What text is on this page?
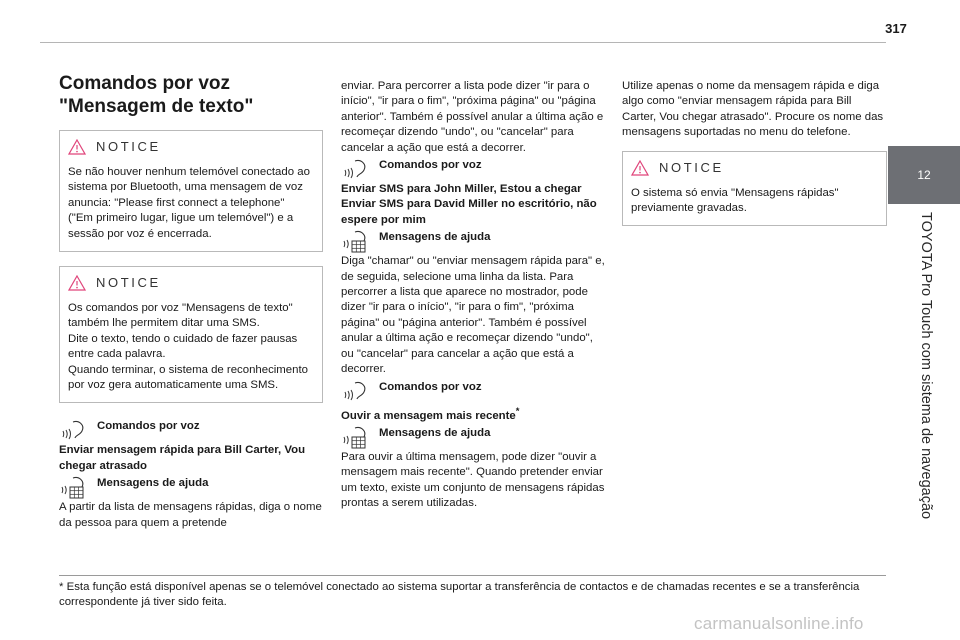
317
12
TOYOTA Pro Touch com sistema de navegação
Comandos por voz
"Mensagem de texto"
NOTICE

Se não houver nenhum telemóvel conectado ao sistema por Bluetooth, uma mensagem de voz anuncia: "Please first connect a telephone" ("Em primeiro lugar, ligue um telemóvel") e a sessão por voz é encerrada.

NOTICE

Os comandos por voz "Mensagens de texto" também lhe permitem ditar uma SMS.

Dite o texto, tendo o cuidado de fazer pausas entre cada palavra.

Quando terminar, o sistema de reconhecimento por voz gera automaticamente uma SMS.

Comandos por voz

Enviar mensagem rápida para Bill Carter, Vou chegar atrasado

Mensagens de ajuda

A partir da lista de mensagens rápidas, diga o nome da pessoa para quem a pretende

enviar. Para percorrer a lista pode dizer "ir para o início", "ir para o fim", "próxima página" ou "página anterior". Também é possível anular a última ação e recomeçar dizendo "undo", ou "cancelar" para cancelar a ação que está a decorrer.

Comandos por voz

Enviar SMS para John Miller, Estou a chegar Enviar SMS para David Miller no escritório, não espere por mim

Mensagens de ajuda

Diga "chamar" ou "enviar mensagem rápida para" e, de seguida, selecione uma linha da lista. Para percorrer a lista que aparece no mostrador, pode dizer "ir para o início", "ir para o fim", "próxima página" ou "página anterior". Também é possível anular a última ação e recomeçar dizendo "undo", ou "cancelar" para cancelar a ação que está a decorrer.

Comandos por voz

Ouvir a mensagem mais recente*

Mensagens de ajuda

Para ouvir a última mensagem, pode dizer "ouvir a mensagem mais recente". Quando pretender enviar um texto, existe um conjunto de mensagens rápidas prontas a serem utilizadas.

Utilize apenas o nome da mensagem rápida e diga algo como "enviar mensagem rápida para Bill Carter, Vou chegar atrasado". Procure os nome das mensagens suportadas no menu do telefone.

NOTICE

O sistema só envia "Mensagens rápidas" previamente gravadas.

* Esta função está disponível apenas se o telemóvel conectado ao sistema suportar a transferência de contactos e de chamadas recentes e se a transferência correspondente já tiver sido feita.
carmanualsonline.info
